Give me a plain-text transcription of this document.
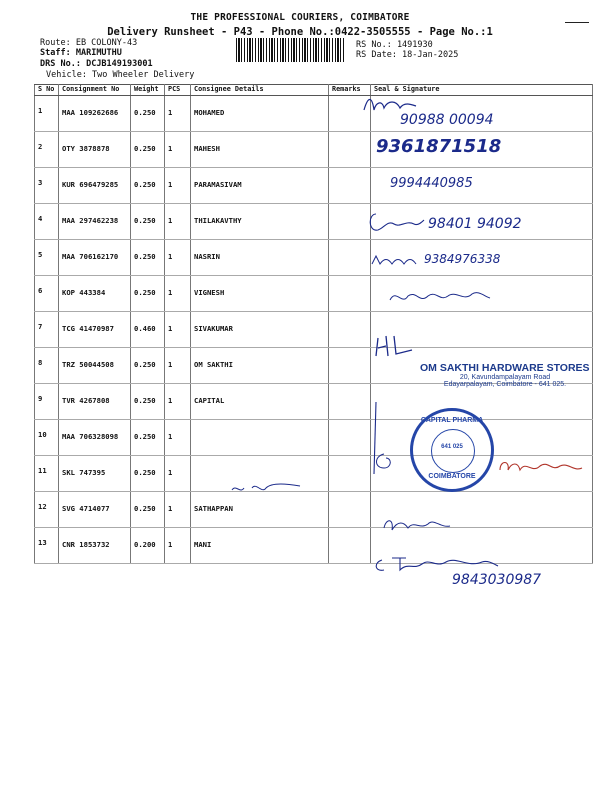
THE PROFESSIONAL COURIERS, COIMBATORE
Delivery Runsheet - P43 - Phone No.:0422-3505555 - Page No.:1
Route: EB COLONY-43
Staff: MARIMUTHU
DRS No.: DCJB149193001
Vehicle: Two Wheeler Delivery
RS No.: 1491930
RS Date: 18-Jan-2025
S No	Consignment No	Weight	PCS	Consignee Details	Remarks	Seal & Signature
1	MAA 109262686	0.250	1	MOHAMED		
2	OTY 3878878	0.250	1	MAHESH		
3	KUR 696479285	0.250	1	PARAMASIVAM		
4	MAA 297462238	0.250	1	THILAKAVTHY		
5	MAA 706162170	0.250	1	NASRIN		
6	KOP 443384	0.250	1	VIGNESH		
7	TCG 41470987	0.460	1	SIVAKUMAR		
8	TRZ 50044508	0.250	1	OM SAKTHI		
9	TVR 4267808	0.250	1	CAPITAL		
10	MAA 706328098	0.250	1			
11	SKL 747395	0.250	1			
12	SVG 4714077	0.250	1	SATHAPPAN		
13	CNR 1853732	0.200	1	MANI		
90988 00094
9361871518
9994440985
98401 94092
9384976338
OM SAKTHI HARDWARE STORES
20, Kavundampalayam Road
Edayarpalayam, Coimbatore - 641 025.
CAPITAL PHARMA
641 025
COIMBATORE
9843030987
